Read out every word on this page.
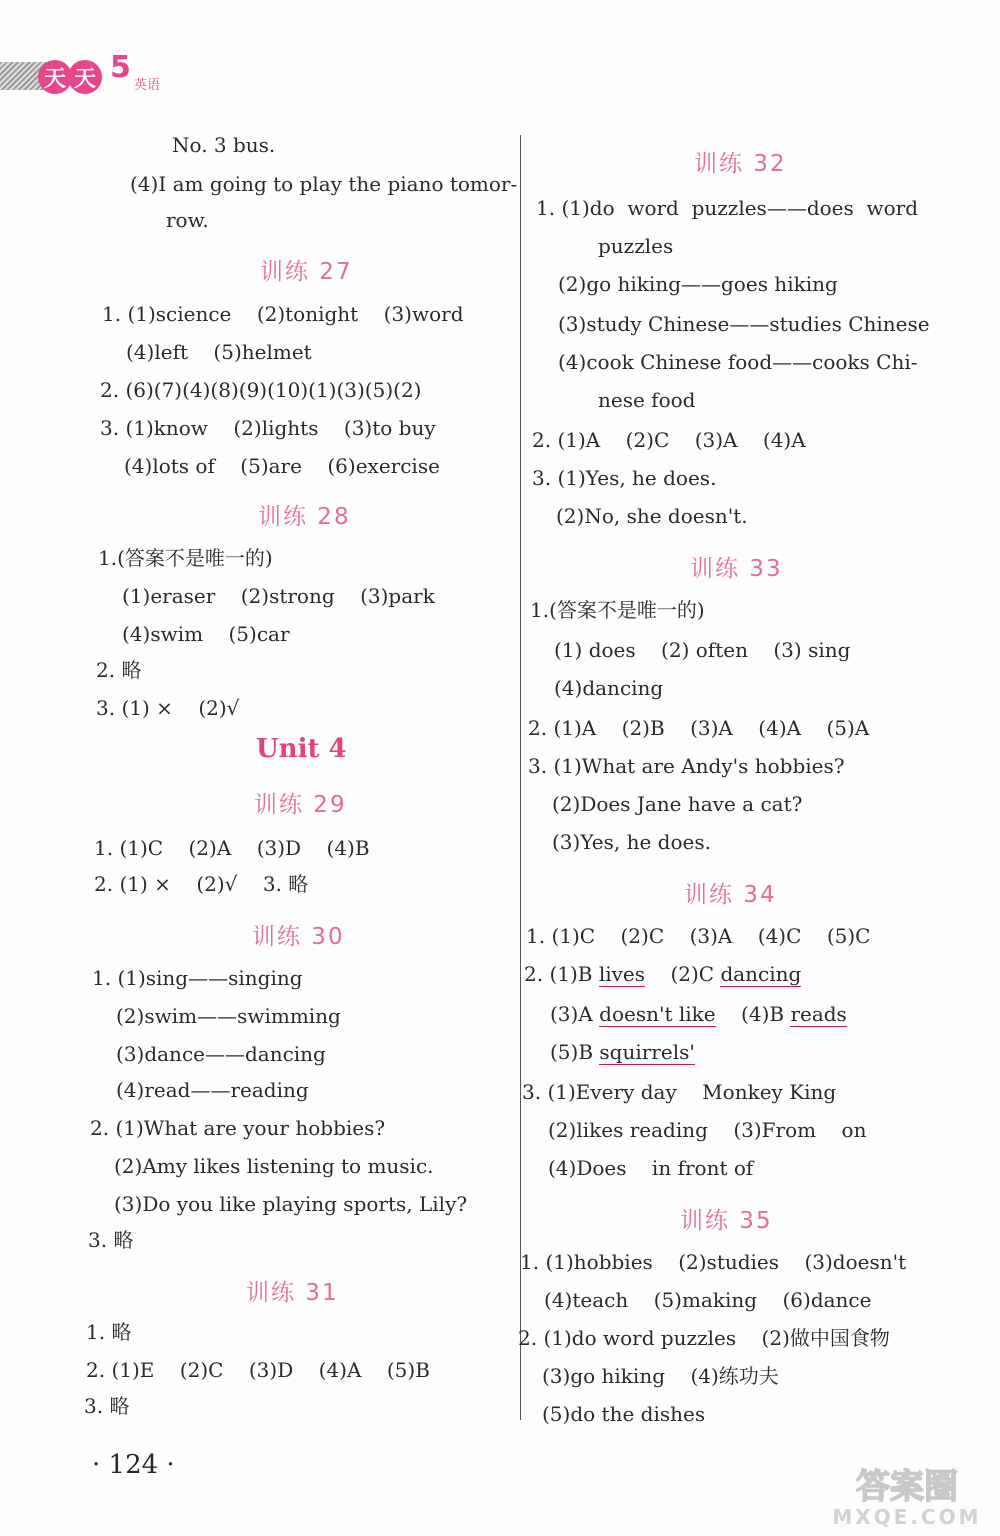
天 天 5
英语
No. 3 bus.
(4)I am going to play the piano tomor-
row.
训练 27
1. (1)science    (2)tonight    (3)word
(4)left    (5)helmet
2. (6)(7)(4)(8)(9)(10)(1)(3)(5)(2)
3. (1)know    (2)lights    (3)to buy
(4)lots of    (5)are    (6)exercise
训练 28
1.(答案不是唯一的)
(1)eraser    (2)strong    (3)park
(4)swim    (5)car
2. 略
3. (1) ×    (2)√
Unit 4
训练 29
1. (1)C    (2)A    (3)D    (4)B
2. (1) ×    (2)√    3. 略
训练 30
1. (1)sing——singing
(2)swim——swimming
(3)dance——dancing
(4)read——reading
2. (1)What are your hobbies?
(2)Amy likes listening to music.
(3)Do you like playing sports, Lily?
3. 略
训练 31
1. 略
2. (1)E    (2)C    (3)D    (4)A    (5)B
3. 略
训练 32
1. (1)do  word  puzzles——does  word
puzzles
(2)go hiking——goes hiking
(3)study Chinese——studies Chinese
(4)cook Chinese food——cooks Chi-
nese food
2. (1)A    (2)C    (3)A    (4)A
3. (1)Yes, he does.
(2)No, she doesn't.
训练 33
1.(答案不是唯一的)
(1) does    (2) often    (3) sing
(4)dancing
2. (1)A    (2)B    (3)A    (4)A    (5)A
3. (1)What are Andy's hobbies?
(2)Does Jane have a cat?
(3)Yes, he does.
训练 34
1. (1)C    (2)C    (3)A    (4)C    (5)C
2. (1)B lives    (2)C dancing
(3)A doesn't like    (4)B reads
(5)B squirrels'
3. (1)Every day    Monkey King
(2)likes reading    (3)From    on
(4)Does    in front of
训练 35
1. (1)hobbies    (2)studies    (3)doesn't
(4)teach    (5)making    (6)dance
2. (1)do word puzzles    (2)做中国食物
(3)go hiking    (4)练功夫
(5)do the dishes
· 124 ·
答案圈
MXQE.COM
